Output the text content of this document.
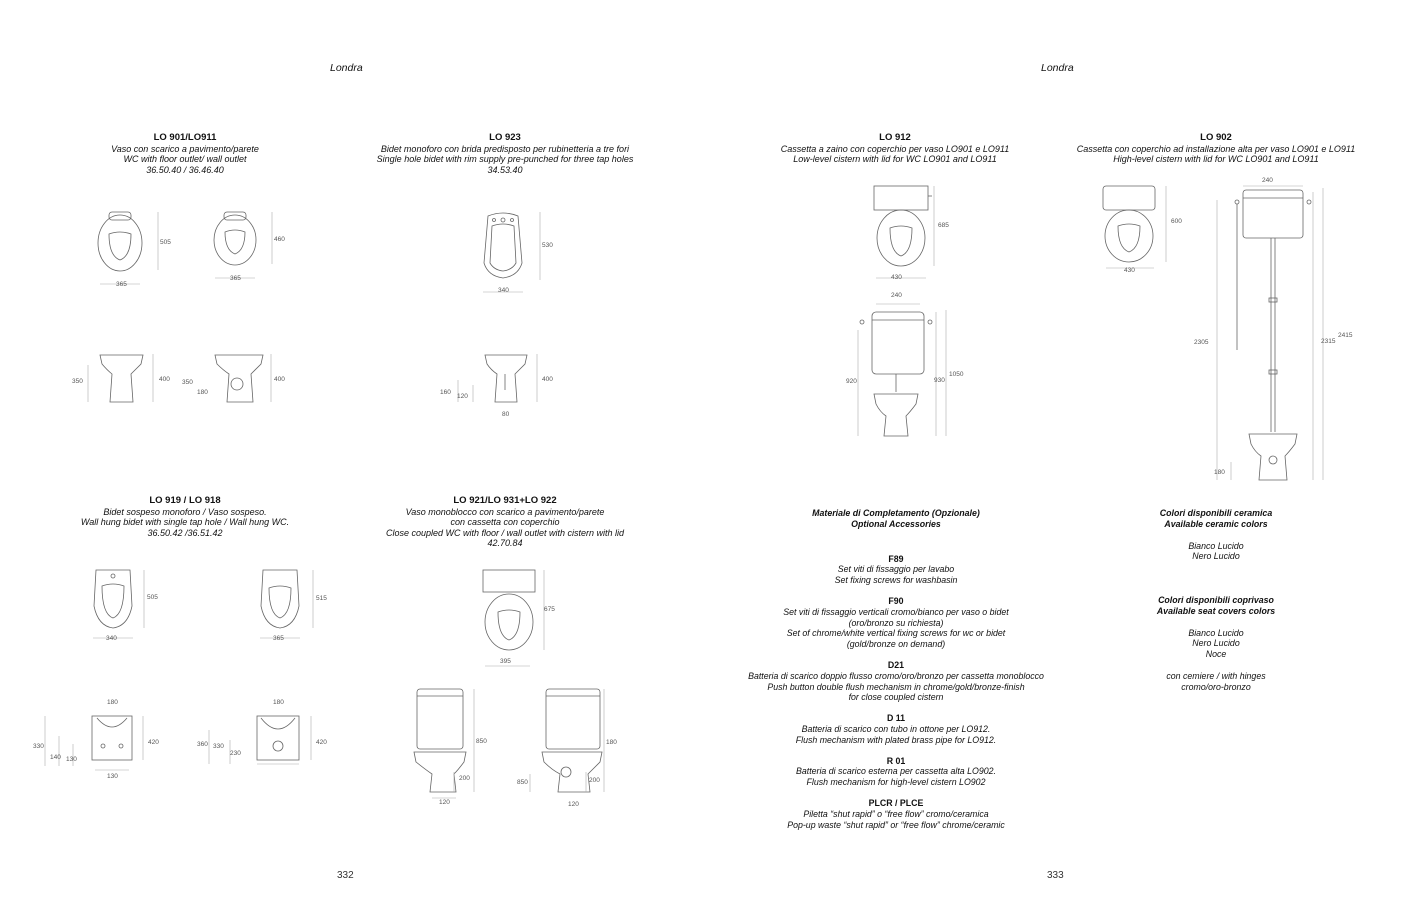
Londra
LO 901/LO911
Vaso con scarico a pavimento/parete
WC with floor outlet/ wall outlet
36.50.40 / 36.46.40
LO 923
Bidet monoforo con brida predisposto per rubinetteria a tre fori
Single hole bidet with rim supply pre-punched for three tap holes
34.53.40
LO 919 / LO 918
Bidet sospeso monoforo / Vaso sospeso.
Wall hung bidet with single tap hole / Wall hung WC.
36.50.42 /36.51.42
LO 921/LO 931+LO 922
Vaso monoblocco con scarico a pavimento/parete
con cassetta con coperchio
Close coupled WC with floor / wall outlet with cistern with lid
42.70.84
505
365
460
365
350	400 350
180
400
530
340
160
120
400
80
505
340
515
365
180
330
140 130
420
130
180
360 330
230
420
675
395
850
200
120
180
850	200
120
332
Londra
LO 912
Cassetta a zaino con coperchio per vaso LO901 e LO911
Low-level cistern with lid for WC LO901 and LO911
LO 902
Cassetta con coperchio ad installazione alta per vaso LO901 e LO911
High-level cistern with lid for WC LO901 and LO911
685
430
240
920	930
1050
600
430
240
2305	2315
2415
180
Materiale di Completamento (Opzionale)
Optional Accessories
F89
Set viti di fissaggio per lavabo
Set fixing screws for washbasin
F90
Set viti di fissaggio verticali cromo/bianco per vaso o bidet
(oro/bronzo su richiesta)
Set of chrome/white vertical fixing screws for wc or bidet
(gold/bronze on demand)
D21
Batteria di scarico doppio flusso cromo/oro/bronzo per cassetta monoblocco
Push button double flush mechanism in chrome/gold/bronze-finish
for close coupled cistern
D 11
Batteria di scarico con tubo in ottone per LO912.
Flush mechanism with plated brass pipe for LO912.
R 01
Batteria di scarico esterna per cassetta alta LO902.
Flush mechanism for high-level cistern LO902
PLCR / PLCE
Piletta “shut rapid” o “free flow” cromo/ceramica
Pop-up waste “shut rapid” or “free flow” chrome/ceramic
Colori disponibili ceramica
Available ceramic colors
Bianco Lucido
Nero Lucido
Colori disponibili coprivaso
Available seat covers colors
Bianco Lucido
Nero Lucido
Noce
con cemiere / with hinges
cromo/oro-bronzo
333
